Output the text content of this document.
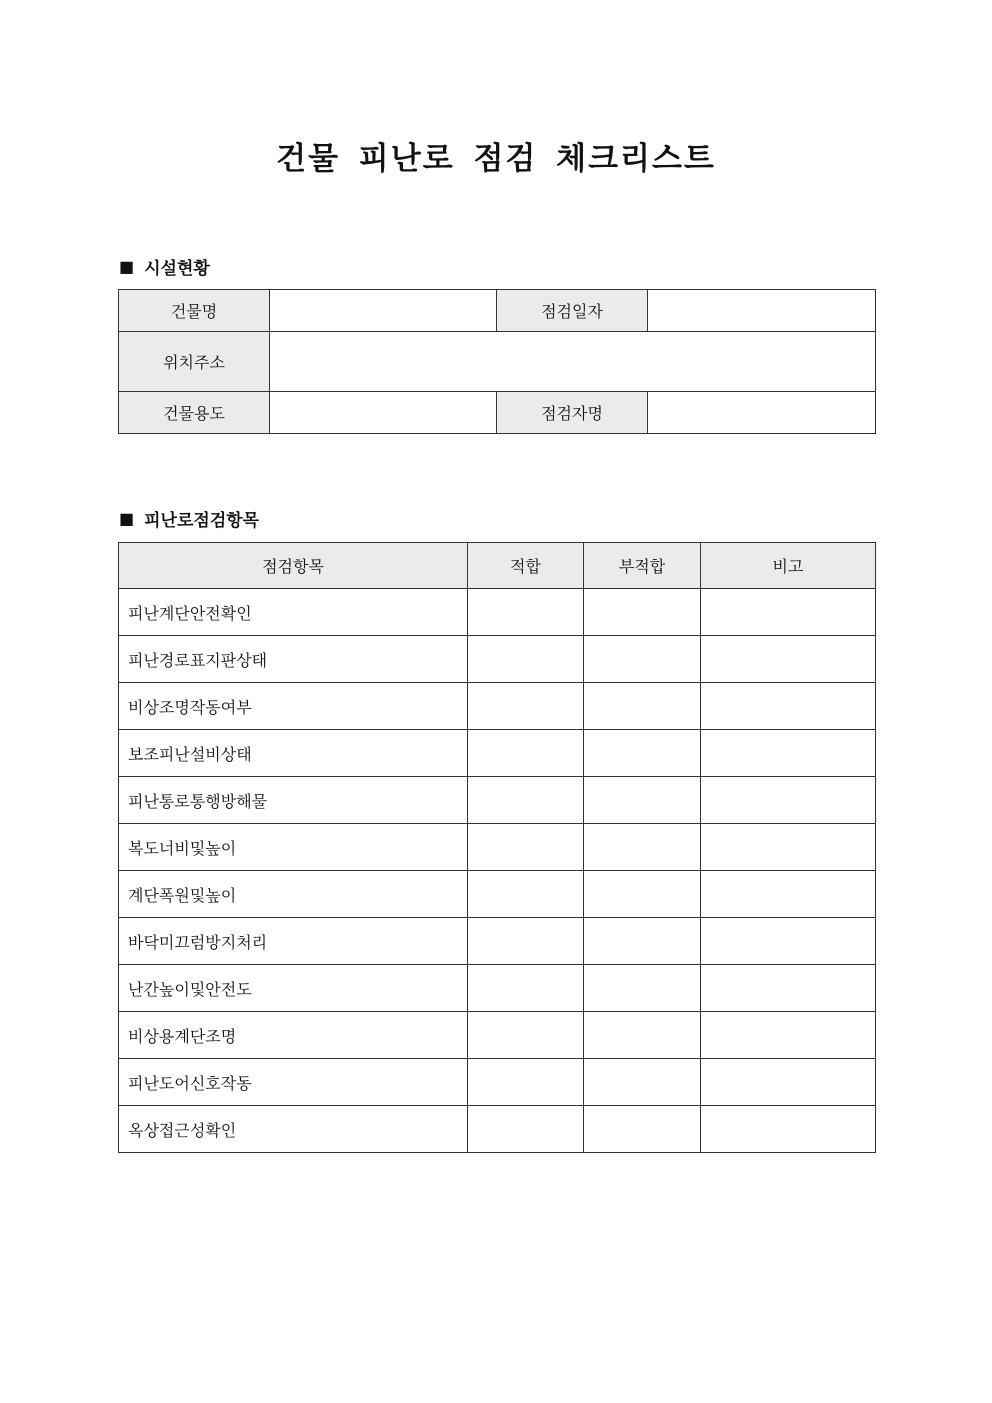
건물 피난로 점검 체크리스트
■ 시설현황
건물명		점검일자	
위치주소			
건물용도		점검자명	
■ 피난로점검항목
점검항목	적합	부적합	비고
피난계단안전확인			
피난경로표지판상태			
비상조명작동여부			
보조피난설비상태			
피난통로통행방해물			
복도너비및높이			
계단폭원및높이			
바닥미끄럼방지처리			
난간높이및안전도			
비상용계단조명			
피난도어신호작동			
옥상접근성확인			
